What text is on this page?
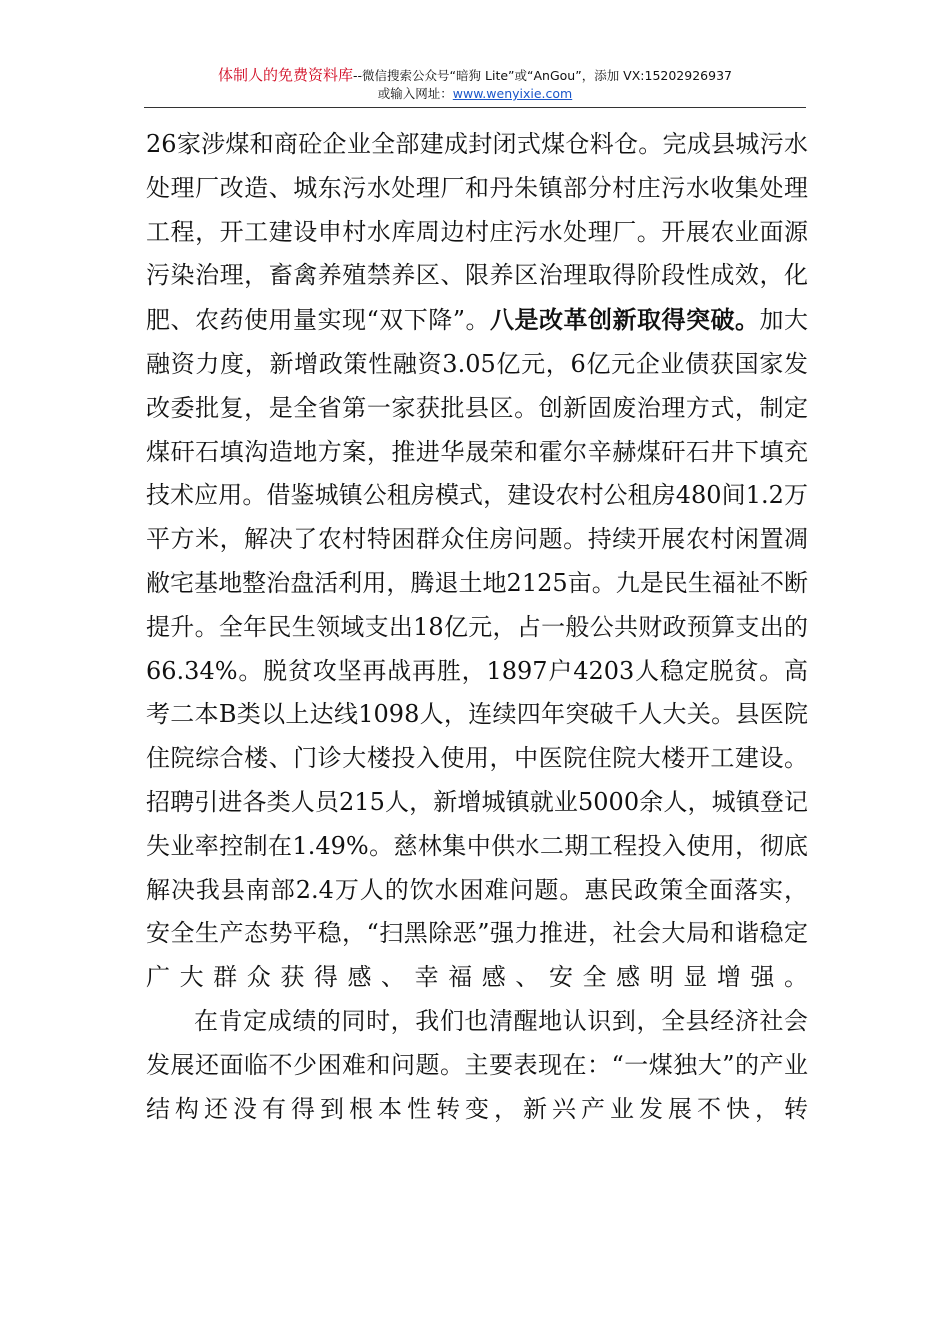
体制人的免费资料库--微信搜索公众号“暗狗 Lite”或“AnGou”，添加 VX:15202926937
或输入网址：www.wenyixie.com

26家涉煤和商砼企业全部建成封闭式煤仓料仓。完成县城污水处理厂改造、城东污水处理厂和丹朱镇部分村庄污水收集处理工程，开工建设申村水库周边村庄污水处理厂。开展农业面源污染治理，畜禽养殖禁养区、限养区治理取得阶段性成效，化肥、农药使用量实现“双下降”。八是改革创新取得突破。加大融资力度，新增政策性融资3.05亿元，6亿元企业债获国家发改委批复，是全省第一家获批县区。创新固废治理方式，制定煤矸石填沟造地方案，推进华晟荣和霍尔辛赫煤矸石井下填充技术应用。借鉴城镇公租房模式，建设农村公租房480间1.2万平方米，解决了农村特困群众住房问题。持续开展农村闲置凋敝宅基地整治盘活利用，腾退土地2125亩。九是民生福祉不断提升。全年民生领域支出18亿元，占一般公共财政预算支出的66.34%。脱贫攻坚再战再胜，1897户4203人稳定脱贫。高考二本B类以上达线1098人，连续四年突破千人大关。县医院住院综合楼、门诊大楼投入使用，中医院住院大楼开工建设。招聘引进各类人员215人，新增城镇就业5000余人，城镇登记失业率控制在1.49%。慈林集中供水二期工程投入使用，彻底解决我县南部2.4万人的饮水困难问题。惠民政策全面落实，安全生产态势平稳，“扫黑除恶”强力推进，社会大局和谐稳定广大群众获得感、幸福感、安全感明显增强。

在肯定成绩的同时，我们也清醒地认识到，全县经济社会发展还面临不少困难和问题。主要表现在：“一煤独大”的产业结构还没有得到根本性转变，新兴产业发展不快，转
